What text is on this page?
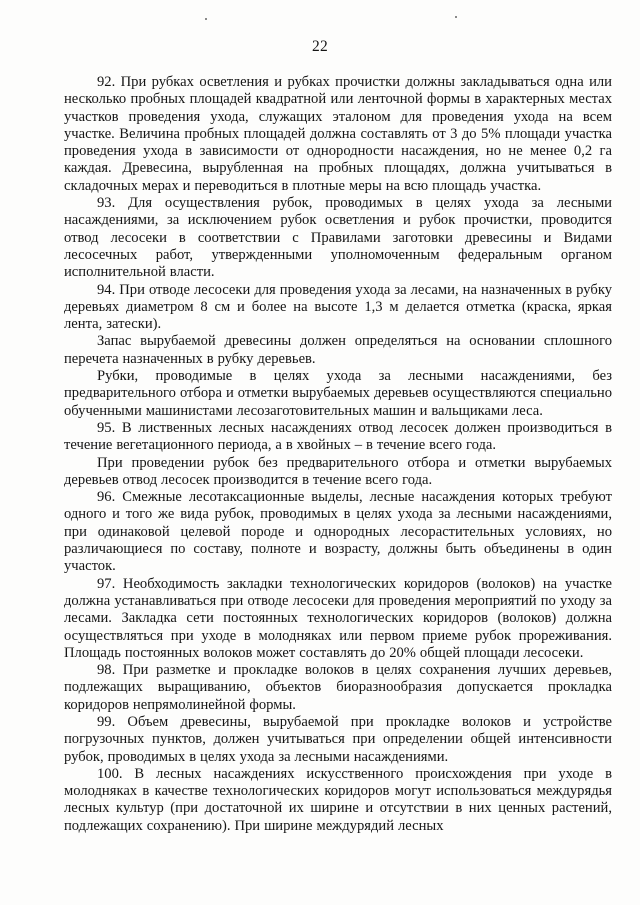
22

92. При рубках осветления и рубках прочистки должны закладываться одна или несколько пробных площадей квадратной или ленточной формы в характерных местах участков проведения ухода, служащих эталоном для проведения ухода на всем участке. Величина пробных площадей должна составлять от 3 до 5% площади участка проведения ухода в зависимости от однородности насаждения, но не менее 0,2 га каждая. Древесина, вырубленная на пробных площадях, должна учитываться в складочных мерах и переводиться в плотные меры на всю площадь участка.

93. Для осуществления рубок, проводимых в целях ухода за лесными насаждениями, за исключением рубок осветления и рубок прочистки, проводится отвод лесосеки в соответствии с Правилами заготовки древесины и Видами лесосечных работ, утвержденными уполномоченным федеральным органом исполнительной власти.

94. При отводе лесосеки для проведения ухода за лесами, на назначенных в рубку деревьях диаметром 8 см и более на высоте 1,3 м делается отметка (краска, яркая лента, затески).

Запас вырубаемой древесины должен определяться на основании сплошного перечета назначенных в рубку деревьев.

Рубки, проводимые в целях ухода за лесными насаждениями, без предварительного отбора и отметки вырубаемых деревьев осуществляются специально обученными машинистами лесозаготовительных машин и вальщиками леса.

95. В лиственных лесных насаждениях отвод лесосек должен производиться в течение вегетационного периода, а в хвойных – в течение всего года.

При проведении рубок без предварительного отбора и отметки вырубаемых деревьев отвод лесосек производится в течение всего года.

96. Смежные лесотаксационные выделы, лесные насаждения которых требуют одного и того же вида рубок, проводимых в целях ухода за лесными насаждениями, при одинаковой целевой породе и однородных лесорастительных условиях, но различающиеся по составу, полноте и возрасту, должны быть объединены в один участок.

97. Необходимость закладки технологических коридоров (волоков) на участке должна устанавливаться при отводе лесосеки для проведения мероприятий по уходу за лесами. Закладка сети постоянных технологических коридоров (волоков) должна осуществляться при уходе в молодняках или первом приеме рубок прореживания. Площадь постоянных волоков может составлять до 20% общей площади лесосеки.

98. При разметке и прокладке волоков в целях сохранения лучших деревьев, подлежащих выращиванию, объектов биоразнообразия допускается прокладка коридоров непрямолинейной формы.

99. Объем древесины, вырубаемой при прокладке волоков и устройстве погрузочных пунктов, должен учитываться при определении общей интенсивности рубок, проводимых в целях ухода за лесными насаждениями.

100. В лесных насаждениях искусственного происхождения при уходе в молодняках в качестве технологических коридоров могут использоваться междурядья лесных культур (при достаточной их ширине и отсутствии в них ценных растений, подлежащих сохранению). При ширине междурядий лесных
